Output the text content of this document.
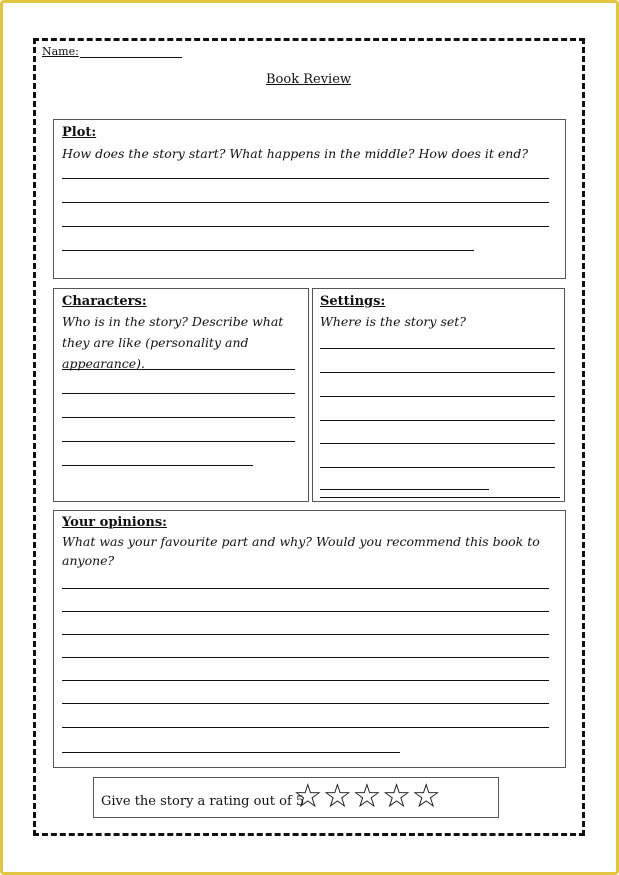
Name:
Book Review
Plot:
How does the story start? What happens in the middle? How does it end?
Characters:
Who is in the story? Describe what they are like (personality and appearance).
Settings:
Where is the story set?
Your opinions:
What was your favourite part and why? Would you recommend this book to anyone?
Give the story a rating out of 5
☆☆☆☆☆
